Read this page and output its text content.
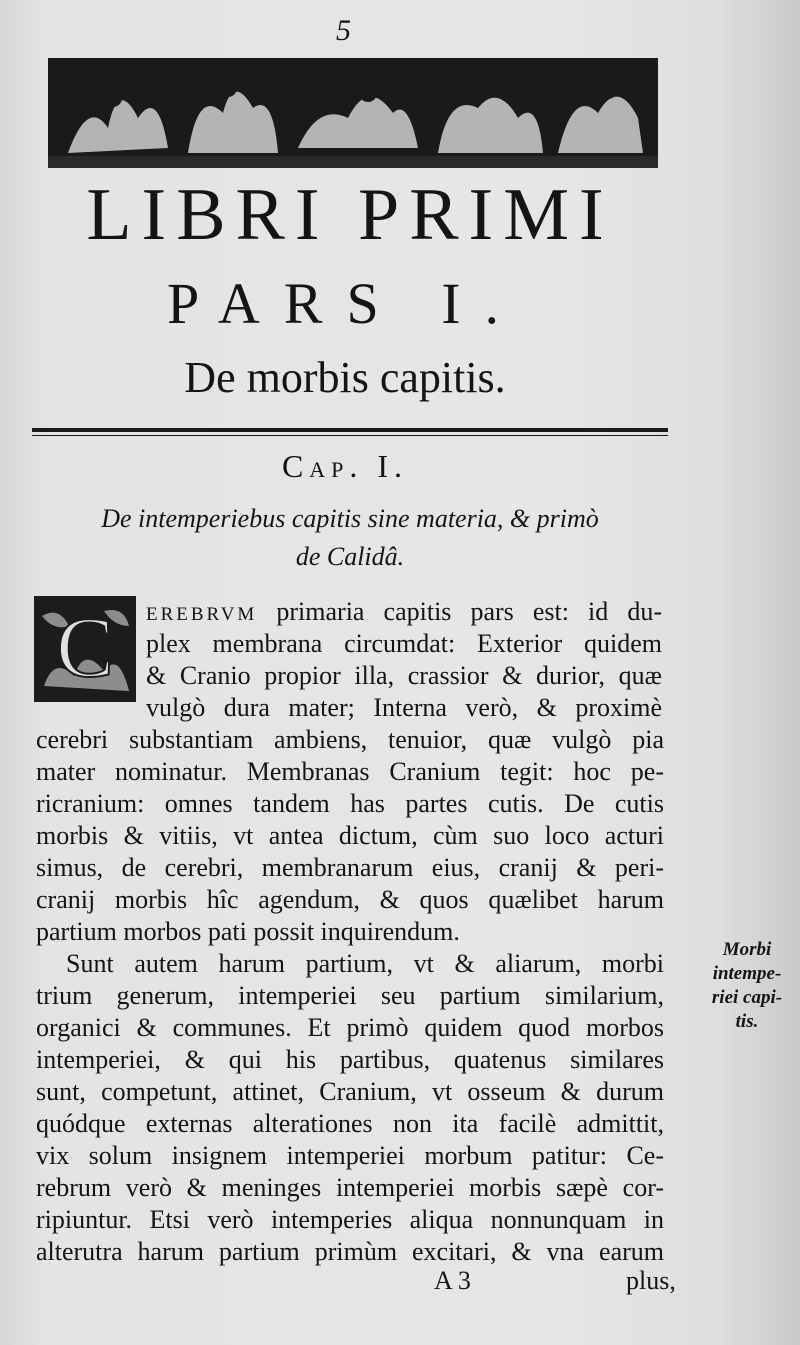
5
LIBRI PRIMI
PARS I.
De morbis capitis.
Cap. I.
De intemperiebus capitis sine materia, & primò
de Calidâ.
C EREBRVM primaria capitis pars est: id du-
plex membrana circumdat: Exterior quidem
& Cranio propior illa, crassior & durior, quæ
vulgò dura mater; Interna verò, & proximè
cerebri substantiam ambiens, tenuior, quæ vulgò pia
mater nominatur. Membranas Cranium tegit: hoc pe-
ricranium: omnes tandem has partes cutis. De cutis
morbis & vitiis, vt antea dictum, cùm suo loco acturi
simus, de cerebri, membranarum eius, cranij & peri-
cranij morbis hîc agendum, & quos quælibet harum
partium morbos pati possit inquirendum.
Sunt autem harum partium, vt & aliarum, morbi
trium generum, intemperiei seu partium similarium,
organici & communes. Et primò quidem quod morbos
intemperiei, & qui his partibus, quatenus similares
sunt, competunt, attinet, Cranium, vt osseum & durum
quódque externas alterationes non ita facilè admittit,
vix solum insignem intemperiei morbum patitur: Ce-
rebrum verò & meninges intemperiei morbis sæpè cor-
ripiuntur. Etsi verò intemperies aliqua nonnunquam in
alterutra harum partium primùm excitari, & vna earum
Morbi
intempe-
riei capi-
tis.
A 3	plus,
